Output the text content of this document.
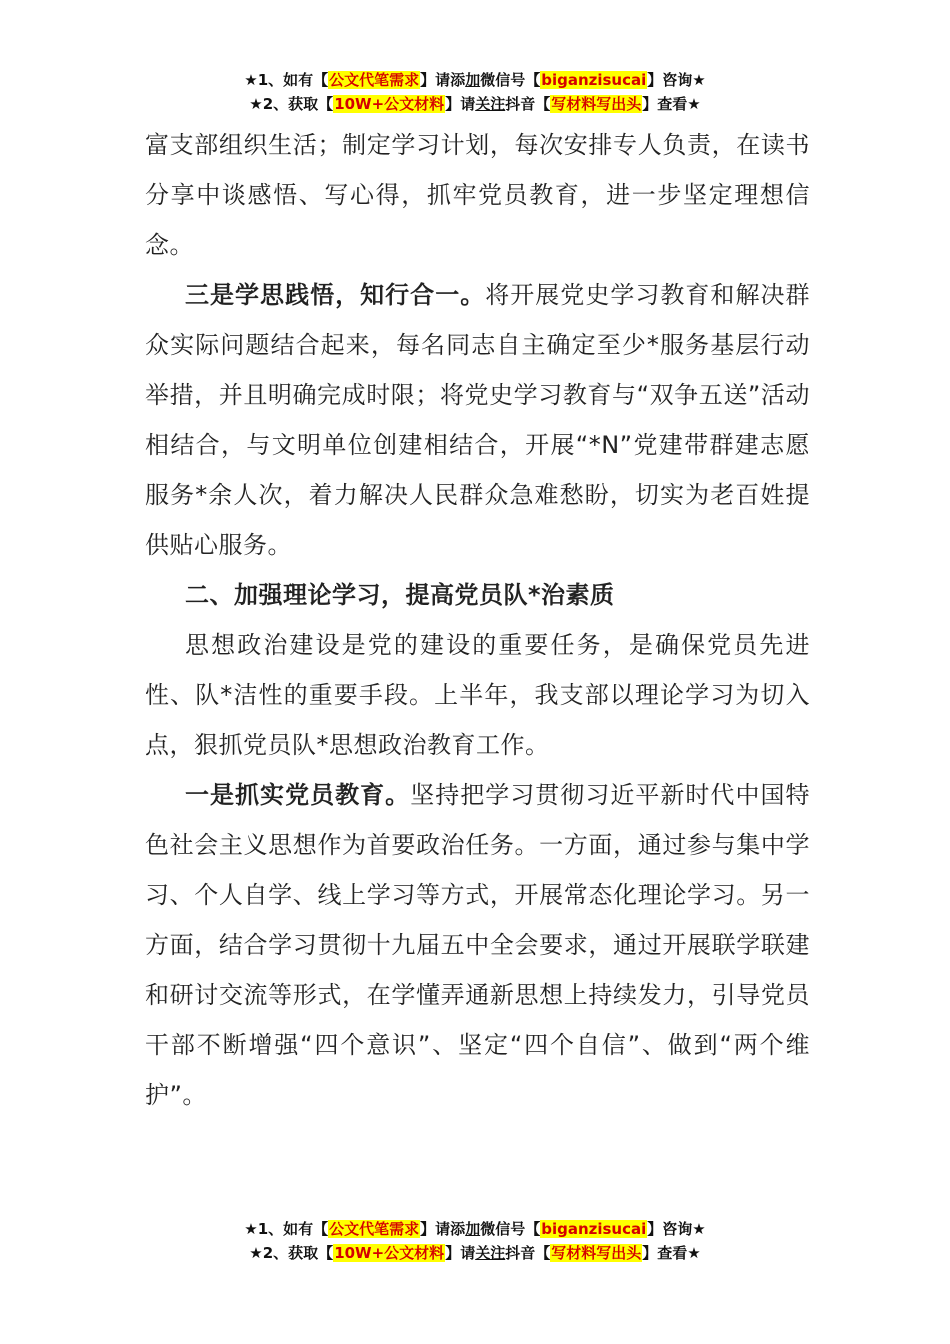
★1、如有【公文代笔需求】请添加微信号【biganzisucai】咨询★
★2、获取【10W+公文材料】请关注抖音【写材料写出头】查看★

富支部组织生活；制定学习计划，每次安排专人负责，在读书分享中谈感悟、写心得，抓牢党员教育，进一步坚定理想信念。

三是学思践悟，知行合一。将开展党史学习教育和解决群众实际问题结合起来，每名同志自主确定至少*服务基层行动举措，并且明确完成时限；将党史学习教育与“双争五送”活动相结合，与文明单位创建相结合，开展“*N”党建带群建志愿服务*余人次，着力解决人民群众急难愁盼，切实为老百姓提供贴心服务。

二、加强理论学习，提高党员队*治素质

思想政治建设是党的建设的重要任务，是确保党员先进性、队*洁性的重要手段。上半年，我支部以理论学习为切入点，狠抓党员队*思想政治教育工作。

一是抓实党员教育。坚持把学习贯彻习近平新时代中国特色社会主义思想作为首要政治任务。一方面，通过参与集中学习、个人自学、线上学习等方式，开展常态化理论学习。另一方面，结合学习贯彻十九届五中全会要求，通过开展联学联建和研讨交流等形式，在学懂弄通新思想上持续发力，引导党员干部不断增强“四个意识”、坚定“四个自信”、做到“两个维护”。

★1、如有【公文代笔需求】请添加微信号【biganzisucai】咨询★
★2、获取【10W+公文材料】请关注抖音【写材料写出头】查看★
